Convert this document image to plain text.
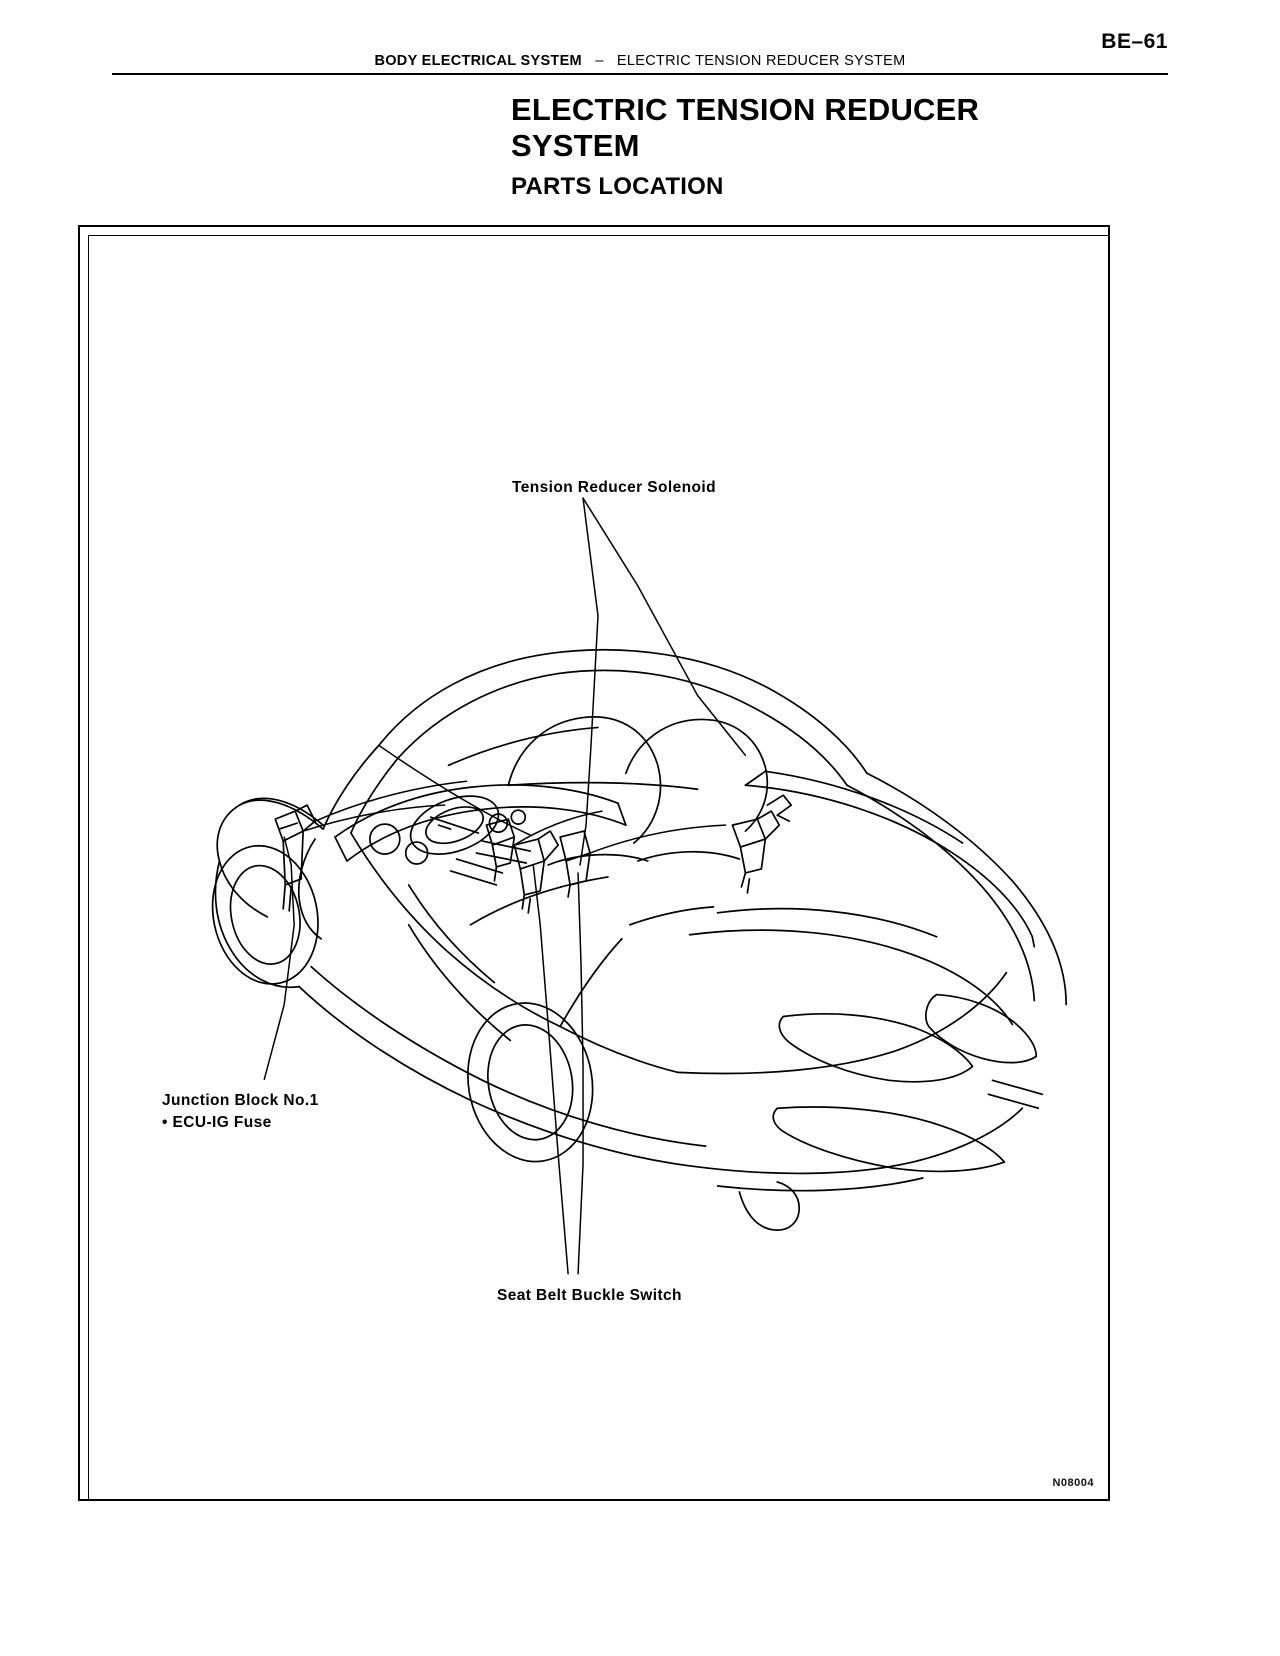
BE–61
BODY ELECTRICAL SYSTEM – ELECTRIC TENSION REDUCER SYSTEM
ELECTRIC TENSION REDUCER SYSTEM
PARTS LOCATION
Tension Reducer Solenoid
Junction Block No.1
• ECU-IG Fuse
Seat Belt Buckle Switch
N08004
